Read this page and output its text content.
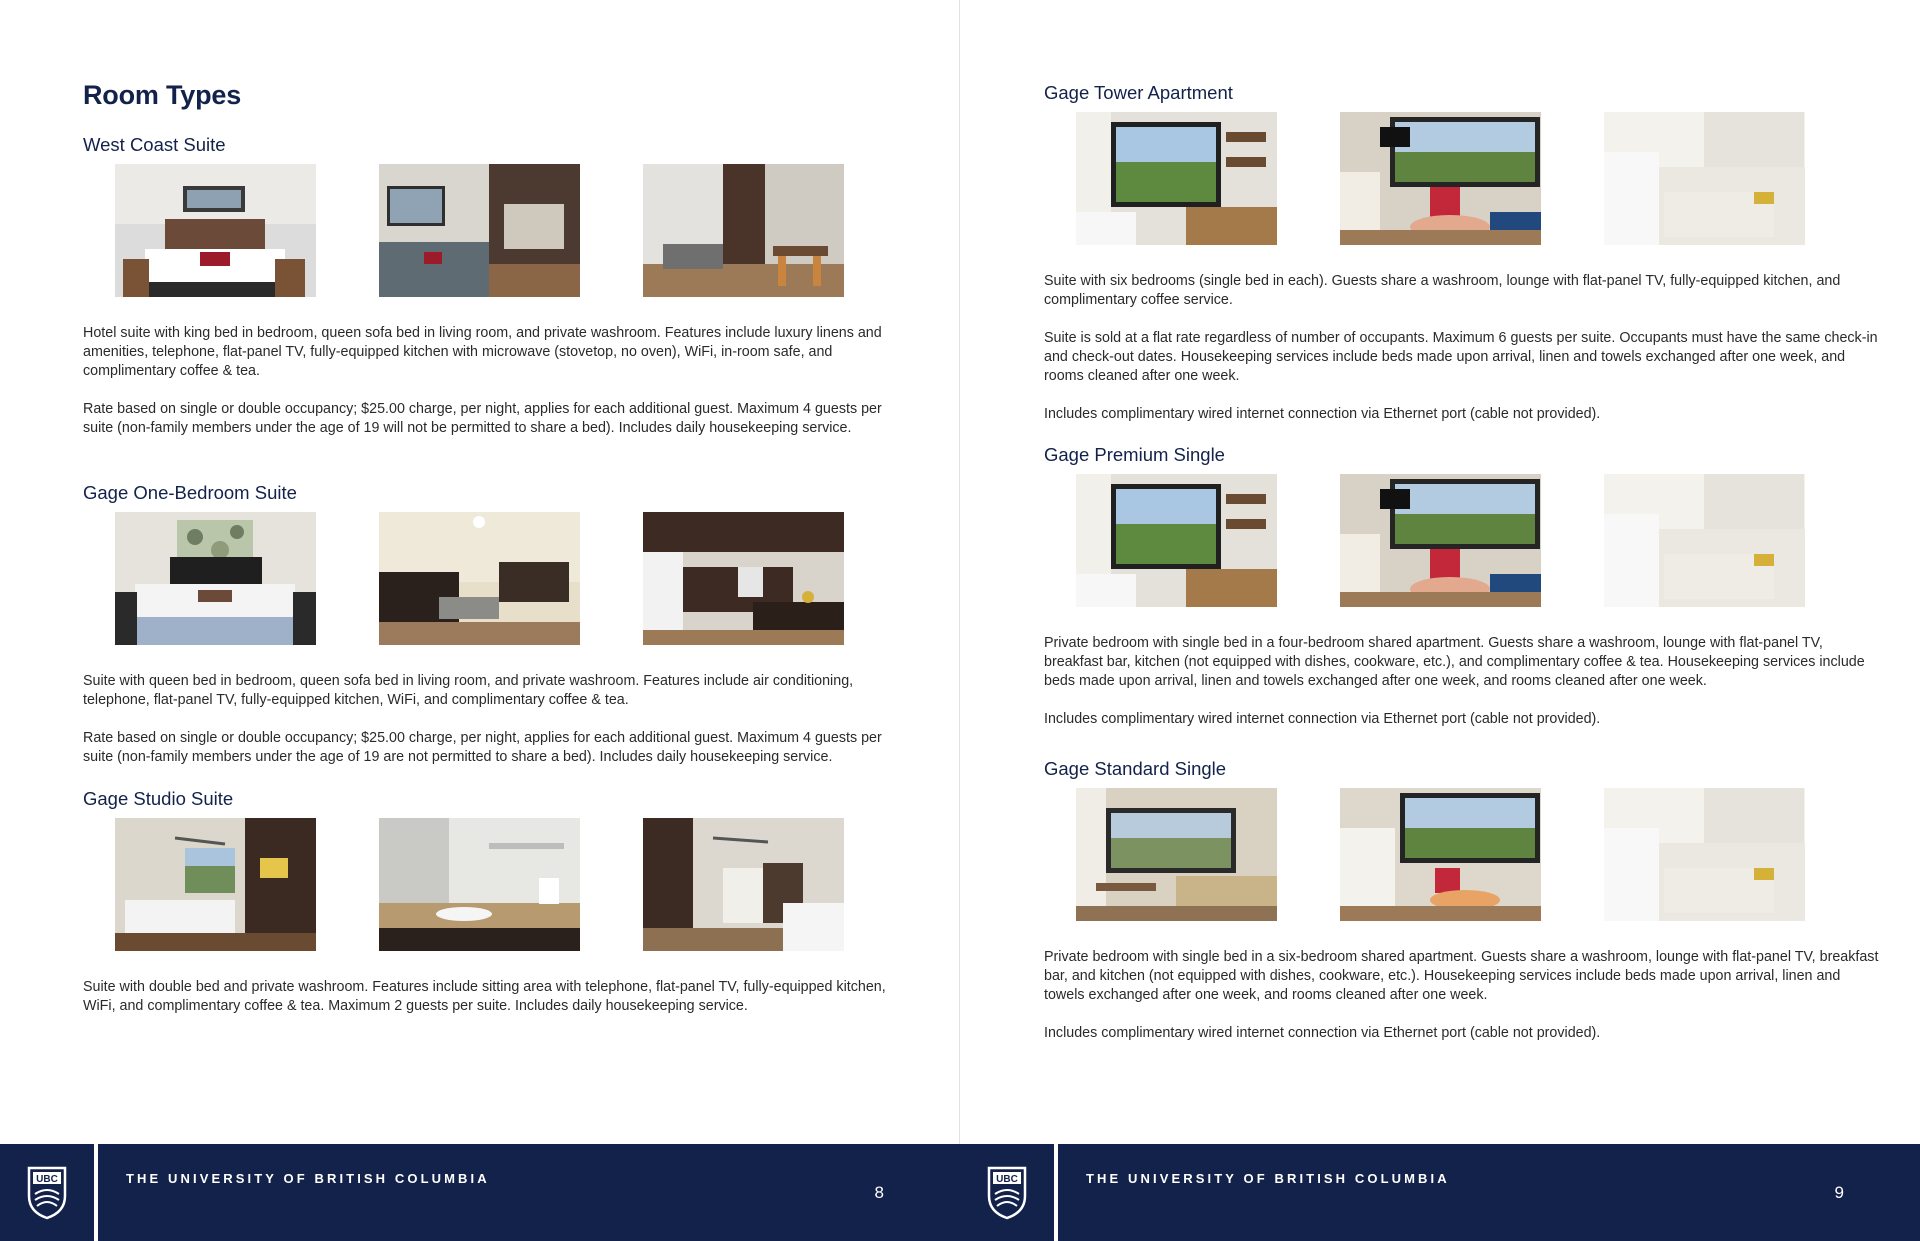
Room Types
West Coast Suite

Hotel suite with king bed in bedroom, queen sofa bed in living room, and private washroom. Features include luxury linens and amenities, telephone, flat-panel TV, fully-equipped kitchen with microwave (stovetop, no oven), WiFi, in-room safe, and complimentary coffee & tea.

Rate based on single or double occupancy; $25.00 charge, per night, applies for each additional guest. Maximum 4 guests per suite (non-family members under the age of 19 will not be permitted to share a bed). Includes daily housekeeping service.

Gage One-Bedroom Suite

Suite with queen bed in bedroom, queen sofa bed in living room, and private washroom. Features include air conditioning, telephone, flat-panel TV, fully-equipped kitchen, WiFi, and complimentary coffee & tea.

Rate based on single or double occupancy; $25.00 charge, per night, applies for each additional guest. Maximum 4 guests per suite (non-family members under the age of 19 are not permitted to share a bed). Includes daily housekeeping service.

Gage Studio Suite

Suite with double bed and private washroom. Features include sitting area with telephone, flat-panel TV, fully-equipped kitchen, WiFi, and complimentary coffee & tea. Maximum 2 guests per suite. Includes daily housekeeping service.

UBC	THE UNIVERSITY OF BRITISH COLUMBIA
8
Gage Tower Apartment

Suite with six bedrooms (single bed in each). Guests share a washroom, lounge with flat-panel TV, fully-equipped kitchen, and complimentary coffee service.

Suite is sold at a flat rate regardless of number of occupants. Maximum 6 guests per suite. Occupants must have the same check-in and check-out dates. Housekeeping services include beds made upon arrival, linen and towels exchanged after one week, and rooms cleaned after one week.

Includes complimentary wired internet connection via Ethernet port (cable not provided).

Gage Premium Single

Private bedroom with single bed in a four-bedroom shared apartment. Guests share a washroom, lounge with flat-panel TV, breakfast bar, kitchen (not equipped with dishes, cookware, etc.), and complimentary coffee & tea. Housekeeping services include beds made upon arrival, linen and towels exchanged after one week, and rooms cleaned after one week.

Includes complimentary wired internet connection via Ethernet port (cable not provided).

Gage Standard Single

Private bedroom with single bed in a six-bedroom shared apartment. Guests share a washroom, lounge with flat-panel TV, breakfast bar, and kitchen (not equipped with dishes, cookware, etc.). Housekeeping services include beds made upon arrival, linen and towels exchanged after one week, and rooms cleaned after one week.

Includes complimentary wired internet connection via Ethernet port (cable not provided).

UBC	THE UNIVERSITY OF BRITISH COLUMBIA
9
